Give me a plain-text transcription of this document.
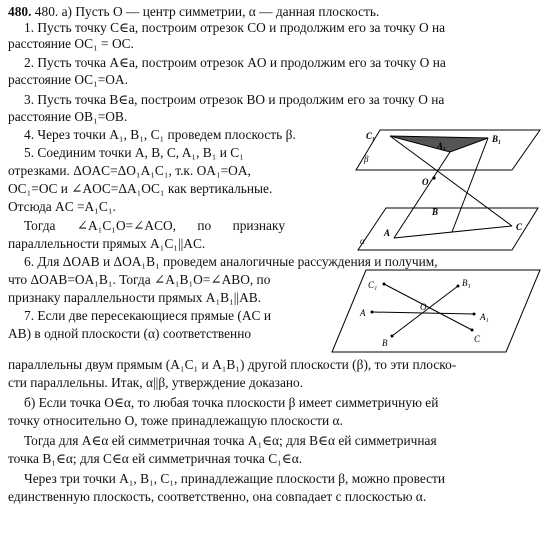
480. 480. а) Пусть O — центр симметрии, α — данная плоскость.
1. Пусть точку C∈a, построим отрезок CO и продолжим его за точку O на
расстояние OC₁ = OC.
2. Пусть точка A∈a, построим отрезок AO и продолжим его за точку O на
расстояние OC₁=OA.
3. Пусть точка B∈a, построим отрезок BO и продолжим его за точку O на
расстояние OB₁=OB.
4. Через точки A₁, B₁, C₁ проведем плоскость β.
5. Соединим точки A, B, C, A₁, B₁ и C₁
отрезками. ΔOAC=ΔO₁A₁C₁, т.к. OA₁=OA,
OC₁=OC и ∠AOC=ΔA₁OC₁ как вертикальные.
Отсюда AC =A₁C₁.
Тогда ∠A₁C₁O=∠ACO, по признаку
параллельности прямых A₁C₁||AC.
6. Для ΔOAB и ΔOA₁B₁ проведем аналогичные рассуждения и получим,
что ΔOAB=OA₁B₁. Тогда ∠A₁B₁O=∠ABO, по
признаку параллельности прямых A₁B₁||AB.
7. Если две пересекающиеся прямые (AC и
AB) в одной плоскости (α) соответственно
параллельны двум прямым (A₁C₁ и A₁B₁) другой плоскости (β), то эти плоско-
сти параллельны. Итак, α||β, утверждение доказано.
б) Если точка O∈α, то любая точка плоскости β имеет симметричную ей
точку относительно O, тоже принадлежащую плоскости α.
Тогда для A∈α ей симметричная точка A₁∈α; для B∈α ей симметричная
точка B₁∈α; для C∈α ей симметричная точка C₁∈α.
Через три точки A₁, B₁, C₁, принадлежащие плоскости β, можно провести
единственную плоскость, соответственно, она совпадает с плоскостью α.
C₁
A₁
B₁
β
O
B
A
C
α
C₁	B₁
A
O
A₁
B	C
